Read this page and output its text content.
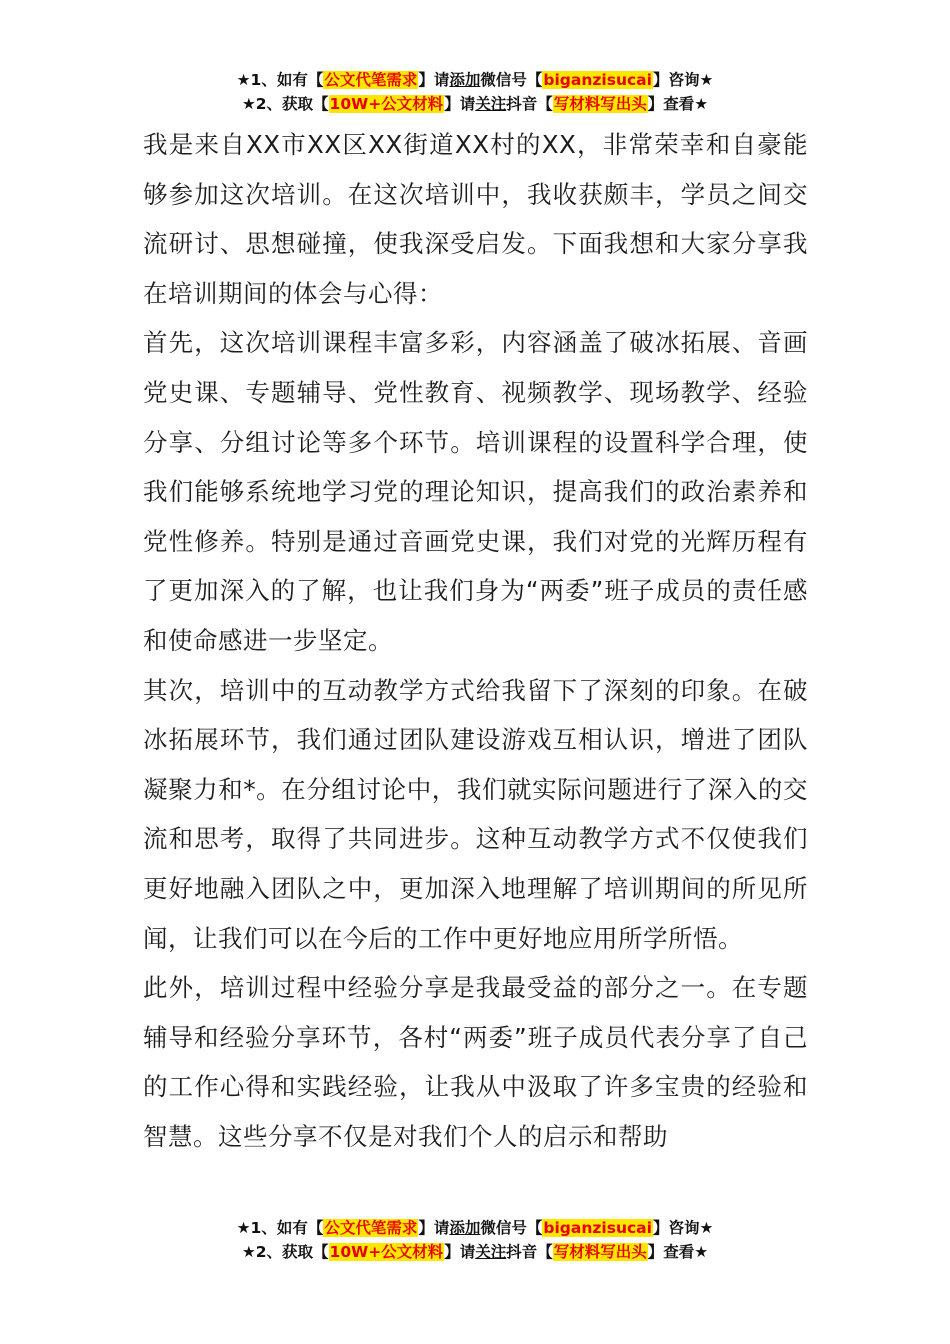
★1、如有【公文代笔需求】请添加微信号【biganzisucai】咨询★
★2、获取【10W+公文材料】请关注抖音【写材料写出头】查看★

我是来自XX市XX区XX街道XX村的XX，非常荣幸和自豪能够参加这次培训。在这次培训中，我收获颇丰，学员之间交流研讨、思想碰撞，使我深受启发。下面我想和大家分享我在培训期间的体会与心得：

首先，这次培训课程丰富多彩，内容涵盖了破冰拓展、音画党史课、专题辅导、党性教育、视频教学、现场教学、经验分享、分组讨论等多个环节。培训课程的设置科学合理，使我们能够系统地学习党的理论知识，提高我们的政治素养和党性修养。特别是通过音画党史课，我们对党的光辉历程有了更加深入的了解，也让我们身为“两委”班子成员的责任感和使命感进一步坚定。

其次，培训中的互动教学方式给我留下了深刻的印象。在破冰拓展环节，我们通过团队建设游戏互相认识，增进了团队凝聚力和*。在分组讨论中，我们就实际问题进行了深入的交流和思考，取得了共同进步。这种互动教学方式不仅使我们更好地融入团队之中，更加深入地理解了培训期间的所见所闻，让我们可以在今后的工作中更好地应用所学所悟。

此外，培训过程中经验分享是我最受益的部分之一。在专题辅导和经验分享环节，各村“两委”班子成员代表分享了自己的工作心得和实践经验，让我从中汲取了许多宝贵的经验和智慧。这些分享不仅是对我们个人的启示和帮助

★1、如有【公文代笔需求】请添加微信号【biganzisucai】咨询★
★2、获取【10W+公文材料】请关注抖音【写材料写出头】查看★
